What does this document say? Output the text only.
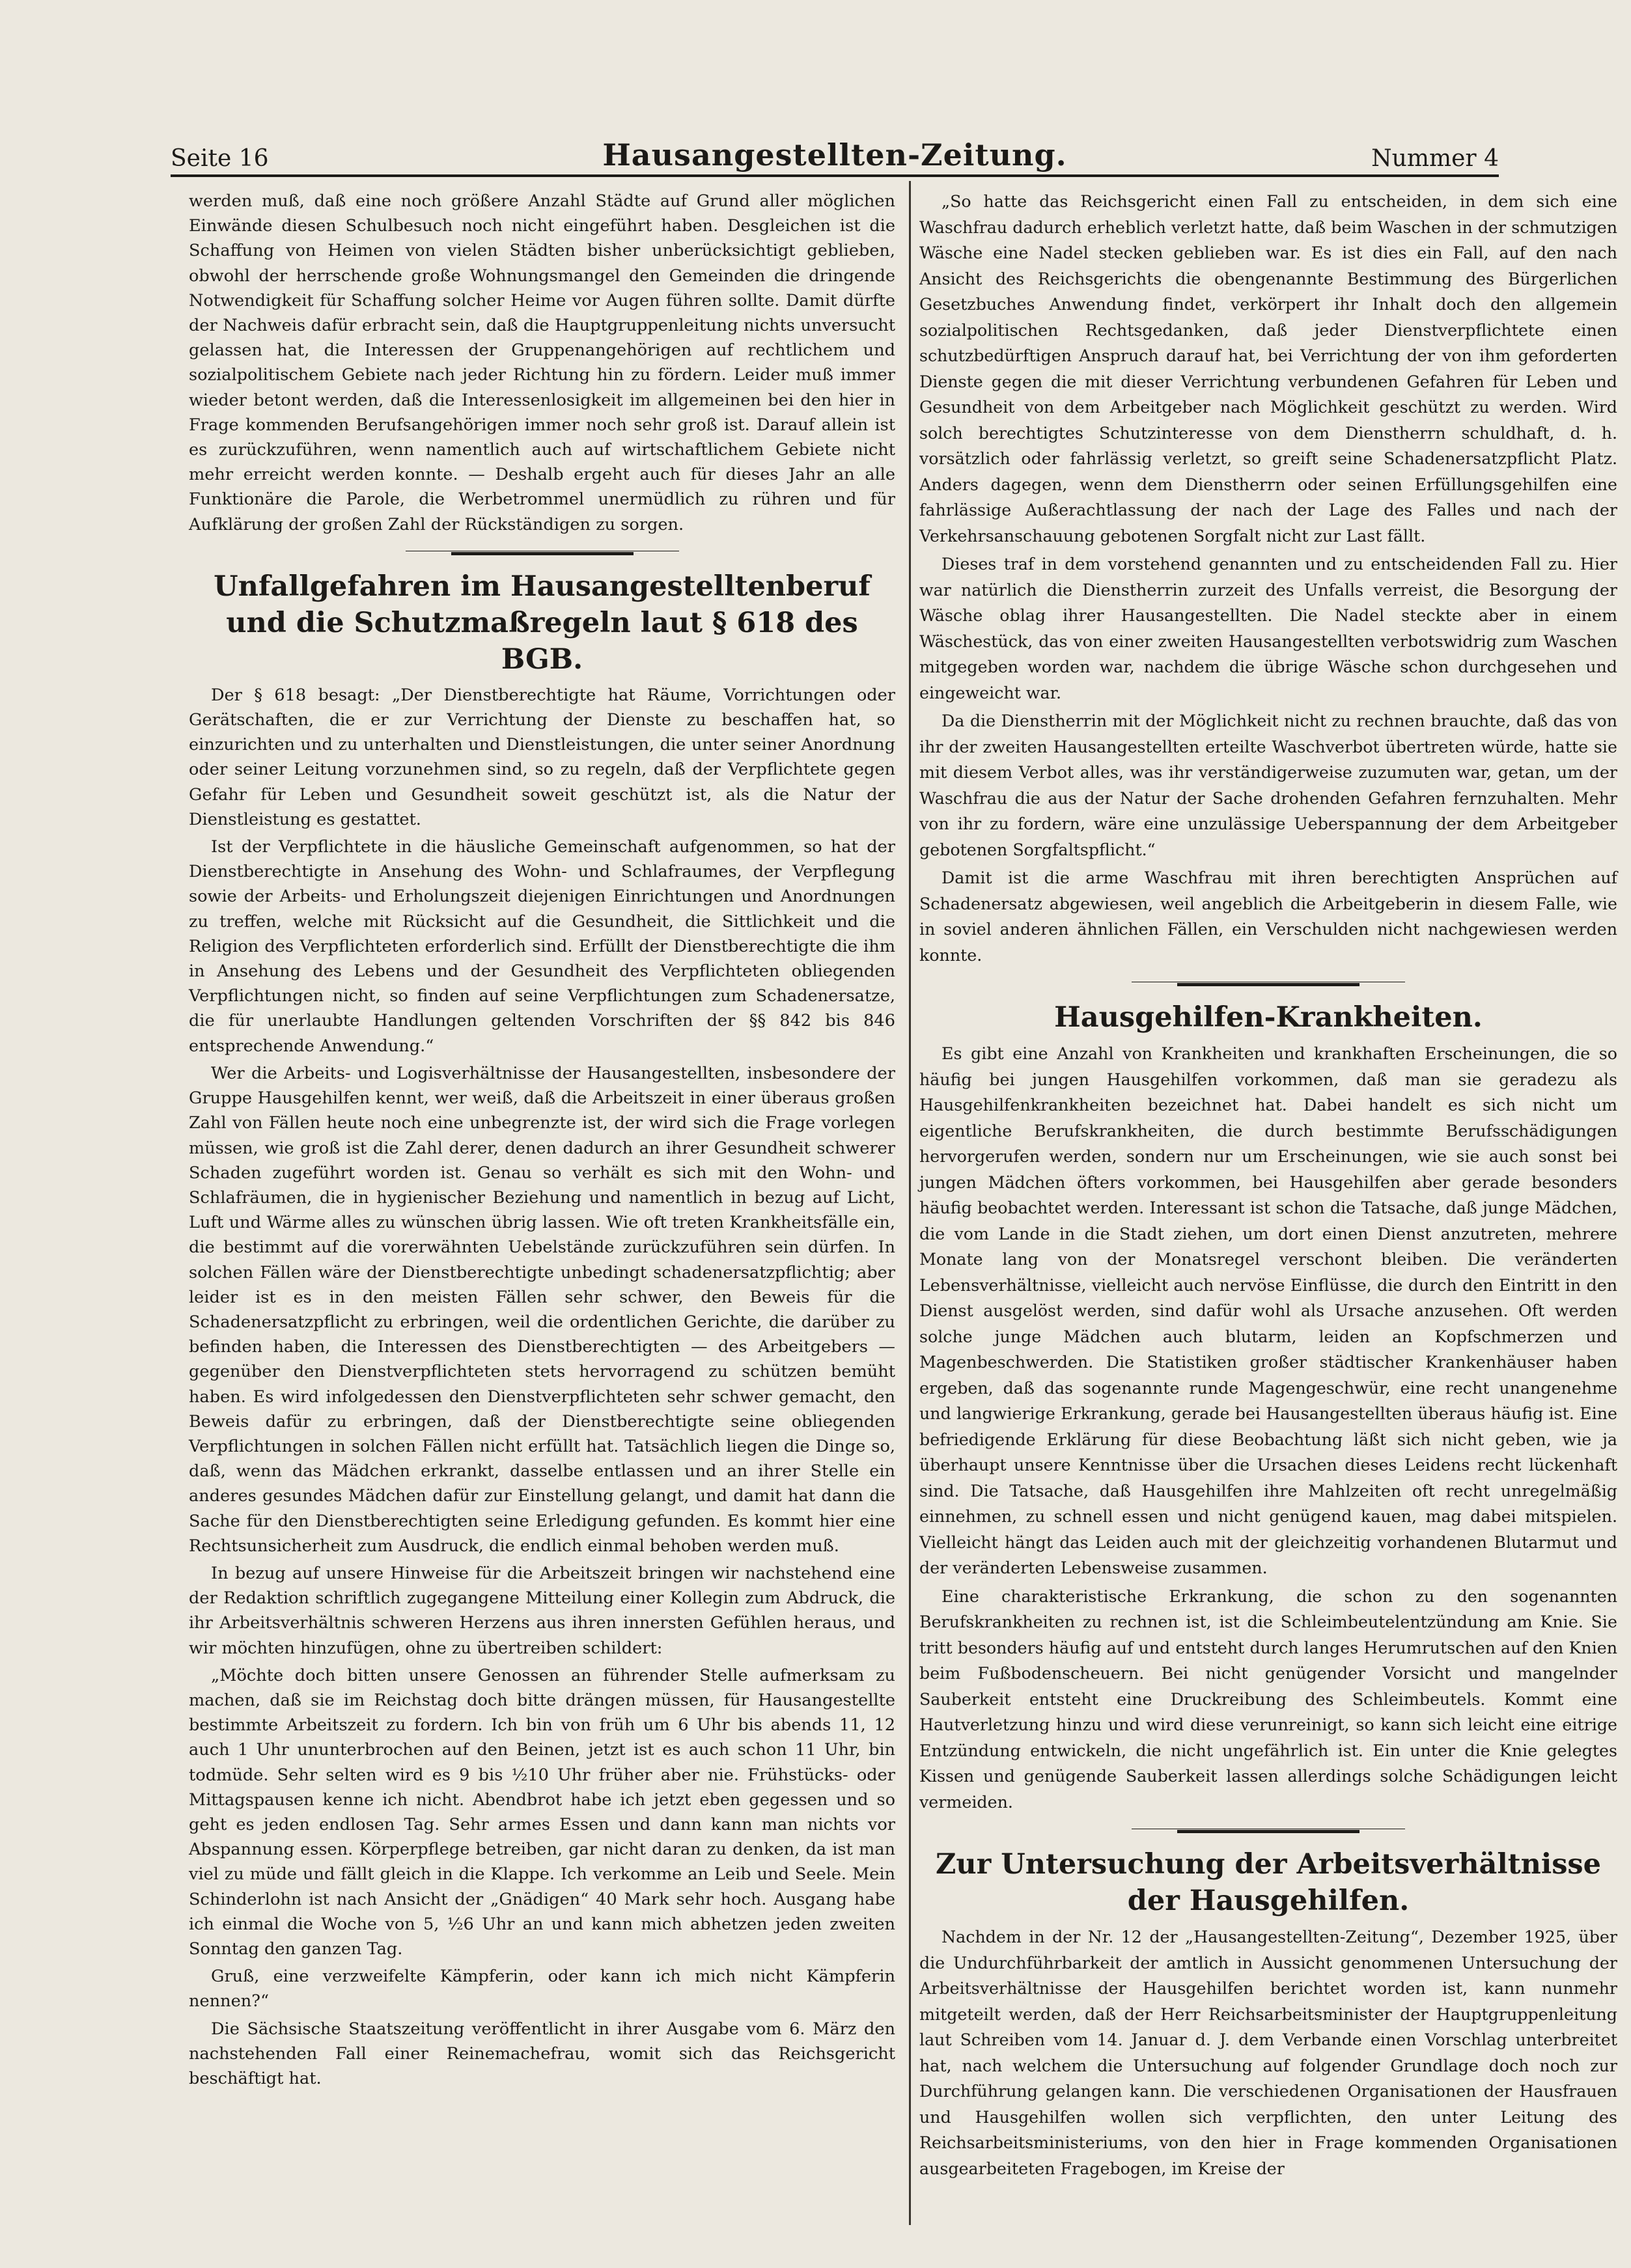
Seite 16	Hausangestellten-Zeitung.	Nummer 4

werden muß, daß eine noch größere Anzahl Städte auf Grund aller möglichen Einwände diesen Schulbesuch noch nicht eingeführt haben. Desgleichen ist die Schaffung von Heimen von vielen Städten bisher unberücksichtigt geblieben, obwohl der herrschende große Wohnungsmangel den Gemeinden die dringende Notwendigkeit für Schaffung solcher Heime vor Augen führen sollte. Damit dürfte der Nachweis dafür erbracht sein, daß die Hauptgruppenleitung nichts unversucht gelassen hat, die Interessen der Gruppenangehörigen auf rechtlichem und sozialpolitischem Gebiete nach jeder Richtung hin zu fördern. Leider muß immer wieder betont werden, daß die Interessenlosigkeit im allgemeinen bei den hier in Frage kommenden Berufsangehörigen immer noch sehr groß ist. Darauf allein ist es zurückzuführen, wenn namentlich auch auf wirtschaftlichem Gebiete nicht mehr erreicht werden konnte. — Deshalb ergeht auch für dieses Jahr an alle Funktionäre die Parole, die Werbetrommel unermüdlich zu rühren und für Aufklärung der großen Zahl der Rückständigen zu sorgen.

Unfallgefahren im Hausangestelltenberuf und die Schutzmaßregeln laut § 618 des BGB.

Der § 618 besagt: „Der Dienstberechtigte hat Räume, Vorrichtungen oder Gerätschaften, die er zur Verrichtung der Dienste zu beschaffen hat, so einzurichten und zu unterhalten und Dienstleistungen, die unter seiner Anordnung oder seiner Leitung vorzunehmen sind, so zu regeln, daß der Verpflichtete gegen Gefahr für Leben und Gesundheit soweit geschützt ist, als die Natur der Dienstleistung es gestattet.

Ist der Verpflichtete in die häusliche Gemeinschaft aufgenommen, so hat der Dienstberechtigte in Ansehung des Wohn- und Schlafraumes, der Verpflegung sowie der Arbeits- und Erholungszeit diejenigen Einrichtungen und Anordnungen zu treffen, welche mit Rücksicht auf die Gesundheit, die Sittlichkeit und die Religion des Verpflichteten erforderlich sind. Erfüllt der Dienstberechtigte die ihm in Ansehung des Lebens und der Gesundheit des Verpflichteten obliegenden Verpflichtungen nicht, so finden auf seine Verpflichtungen zum Schadenersatze, die für unerlaubte Handlungen geltenden Vorschriften der §§ 842 bis 846 entsprechende Anwendung.“

Wer die Arbeits- und Logisverhältnisse der Hausangestellten, insbesondere der Gruppe Hausgehilfen kennt, wer weiß, daß die Arbeitszeit in einer überaus großen Zahl von Fällen heute noch eine unbegrenzte ist, der wird sich die Frage vorlegen müssen, wie groß ist die Zahl derer, denen dadurch an ihrer Gesundheit schwerer Schaden zugeführt worden ist. Genau so verhält es sich mit den Wohn- und Schlafräumen, die in hygienischer Beziehung und namentlich in bezug auf Licht, Luft und Wärme alles zu wünschen übrig lassen. Wie oft treten Krankheitsfälle ein, die bestimmt auf die vorerwähnten Uebelstände zurückzuführen sein dürfen. In solchen Fällen wäre der Dienstberechtigte unbedingt schadenersatzpflichtig; aber leider ist es in den meisten Fällen sehr schwer, den Beweis für die Schadenersatzpflicht zu erbringen, weil die ordentlichen Gerichte, die darüber zu befinden haben, die Interessen des Dienstberechtigten — des Arbeitgebers — gegenüber den Dienstverpflichteten stets hervorragend zu schützen bemüht haben. Es wird infolgedessen den Dienstverpflichteten sehr schwer gemacht, den Beweis dafür zu erbringen, daß der Dienstberechtigte seine obliegenden Verpflichtungen in solchen Fällen nicht erfüllt hat. Tatsächlich liegen die Dinge so, daß, wenn das Mädchen erkrankt, dasselbe entlassen und an ihrer Stelle ein anderes gesundes Mädchen dafür zur Einstellung gelangt, und damit hat dann die Sache für den Dienstberechtigten seine Erledigung gefunden. Es kommt hier eine Rechtsunsicherheit zum Ausdruck, die endlich einmal behoben werden muß.

In bezug auf unsere Hinweise für die Arbeitszeit bringen wir nachstehend eine der Redaktion schriftlich zugegangene Mitteilung einer Kollegin zum Abdruck, die ihr Arbeitsverhältnis schweren Herzens aus ihren innersten Gefühlen heraus, und wir möchten hinzufügen, ohne zu übertreiben schildert:

„Möchte doch bitten unsere Genossen an führender Stelle aufmerksam zu machen, daß sie im Reichstag doch bitte drängen müssen, für Hausangestellte bestimmte Arbeitszeit zu fordern. Ich bin von früh um 6 Uhr bis abends 11, 12 auch 1 Uhr ununterbrochen auf den Beinen, jetzt ist es auch schon 11 Uhr, bin todmüde. Sehr selten wird es 9 bis ½10 Uhr früher aber nie. Frühstücks- oder Mittagspausen kenne ich nicht. Abendbrot habe ich jetzt eben gegessen und so geht es jeden endlosen Tag. Sehr armes Essen und dann kann man nichts vor Abspannung essen. Körperpflege betreiben, gar nicht daran zu denken, da ist man viel zu müde und fällt gleich in die Klappe. Ich verkomme an Leib und Seele. Mein Schinderlohn ist nach Ansicht der „Gnädigen“ 40 Mark sehr hoch. Ausgang habe ich einmal die Woche von 5, ½6 Uhr an und kann mich abhetzen jeden zweiten Sonntag den ganzen Tag.

Gruß, eine verzweifelte Kämpferin, oder kann ich mich nicht Kämpferin nennen?“

Die Sächsische Staatszeitung veröffentlicht in ihrer Ausgabe vom 6. März den nachstehenden Fall einer Reinemachefrau, womit sich das Reichsgericht beschäftigt hat.

„So hatte das Reichsgericht einen Fall zu entscheiden, in dem sich eine Waschfrau dadurch erheblich verletzt hatte, daß beim Waschen in der schmutzigen Wäsche eine Nadel stecken geblieben war. Es ist dies ein Fall, auf den nach Ansicht des Reichsgerichts die obengenannte Bestimmung des Bürgerlichen Gesetzbuches Anwendung findet, verkörpert ihr Inhalt doch den allgemein sozialpolitischen Rechtsgedanken, daß jeder Dienstverpflichtete einen schutzbedürftigen Anspruch darauf hat, bei Verrichtung der von ihm geforderten Dienste gegen die mit dieser Verrichtung verbundenen Gefahren für Leben und Gesundheit von dem Arbeitgeber nach Möglichkeit geschützt zu werden. Wird solch berechtigtes Schutzinteresse von dem Dienstherrn schuldhaft, d. h. vorsätzlich oder fahrlässig verletzt, so greift seine Schadenersatzpflicht Platz. Anders dagegen, wenn dem Dienstherrn oder seinen Erfüllungsgehilfen eine fahrlässige Außerachtlassung der nach der Lage des Falles und nach der Verkehrsanschauung gebotenen Sorgfalt nicht zur Last fällt.

Dieses traf in dem vorstehend genannten und zu entscheidenden Fall zu. Hier war natürlich die Dienstherrin zurzeit des Unfalls verreist, die Besorgung der Wäsche oblag ihrer Hausangestellten. Die Nadel steckte aber in einem Wäschestück, das von einer zweiten Hausangestellten verbotswidrig zum Waschen mitgegeben worden war, nachdem die übrige Wäsche schon durchgesehen und eingeweicht war.

Da die Dienstherrin mit der Möglichkeit nicht zu rechnen brauchte, daß das von ihr der zweiten Hausangestellten erteilte Waschverbot übertreten würde, hatte sie mit diesem Verbot alles, was ihr verständigerweise zuzumuten war, getan, um der Waschfrau die aus der Natur der Sache drohenden Gefahren fernzuhalten. Mehr von ihr zu fordern, wäre eine unzulässige Ueberspannung der dem Arbeitgeber gebotenen Sorgfaltspflicht.“

Damit ist die arme Waschfrau mit ihren berechtigten Ansprüchen auf Schadenersatz abgewiesen, weil angeblich die Arbeitgeberin in diesem Falle, wie in soviel anderen ähnlichen Fällen, ein Verschulden nicht nachgewiesen werden konnte.

Hausgehilfen-Krankheiten.

Es gibt eine Anzahl von Krankheiten und krankhaften Erscheinungen, die so häufig bei jungen Hausgehilfen vorkommen, daß man sie geradezu als Hausgehilfenkrankheiten bezeichnet hat. Dabei handelt es sich nicht um eigentliche Berufskrankheiten, die durch bestimmte Berufsschädigungen hervorgerufen werden, sondern nur um Erscheinungen, wie sie auch sonst bei jungen Mädchen öfters vorkommen, bei Hausgehilfen aber gerade besonders häufig beobachtet werden. Interessant ist schon die Tatsache, daß junge Mädchen, die vom Lande in die Stadt ziehen, um dort einen Dienst anzutreten, mehrere Monate lang von der Monatsregel verschont bleiben. Die veränderten Lebensverhältnisse, vielleicht auch nervöse Einflüsse, die durch den Eintritt in den Dienst ausgelöst werden, sind dafür wohl als Ursache anzusehen. Oft werden solche junge Mädchen auch blutarm, leiden an Kopfschmerzen und Magenbeschwerden. Die Statistiken großer städtischer Krankenhäuser haben ergeben, daß das sogenannte runde Magengeschwür, eine recht unangenehme und langwierige Erkrankung, gerade bei Hausangestellten überaus häufig ist. Eine befriedigende Erklärung für diese Beobachtung läßt sich nicht geben, wie ja überhaupt unsere Kenntnisse über die Ursachen dieses Leidens recht lückenhaft sind. Die Tatsache, daß Hausgehilfen ihre Mahlzeiten oft recht unregelmäßig einnehmen, zu schnell essen und nicht genügend kauen, mag dabei mitspielen. Vielleicht hängt das Leiden auch mit der gleichzeitig vorhandenen Blutarmut und der veränderten Lebensweise zusammen.

Eine charakteristische Erkrankung, die schon zu den sogenannten Berufskrankheiten zu rechnen ist, ist die Schleimbeutelentzündung am Knie. Sie tritt besonders häufig auf und entsteht durch langes Herumrutschen auf den Knien beim Fußbodenscheuern. Bei nicht genügender Vorsicht und mangelnder Sauberkeit entsteht eine Druckreibung des Schleimbeutels. Kommt eine Hautverletzung hinzu und wird diese verunreinigt, so kann sich leicht eine eitrige Entzündung entwickeln, die nicht ungefährlich ist. Ein unter die Knie gelegtes Kissen und genügende Sauberkeit lassen allerdings solche Schädigungen leicht vermeiden.

Zur Untersuchung der Arbeitsverhältnisse der Hausgehilfen.

Nachdem in der Nr. 12 der „Hausangestellten-Zeitung“, Dezember 1925, über die Undurchführbarkeit der amtlich in Aussicht genommenen Untersuchung der Arbeitsverhältnisse der Hausgehilfen berichtet worden ist, kann nunmehr mitgeteilt werden, daß der Herr Reichsarbeitsminister der Hauptgruppenleitung laut Schreiben vom 14. Januar d. J. dem Verbande einen Vorschlag unterbreitet hat, nach welchem die Untersuchung auf folgender Grundlage doch noch zur Durchführung gelangen kann. Die verschiedenen Organisationen der Hausfrauen und Hausgehilfen wollen sich verpflichten, den unter Leitung des Reichsarbeitsministeriums, von den hier in Frage kommenden Organisationen ausgearbeiteten Fragebogen, im Kreise der
